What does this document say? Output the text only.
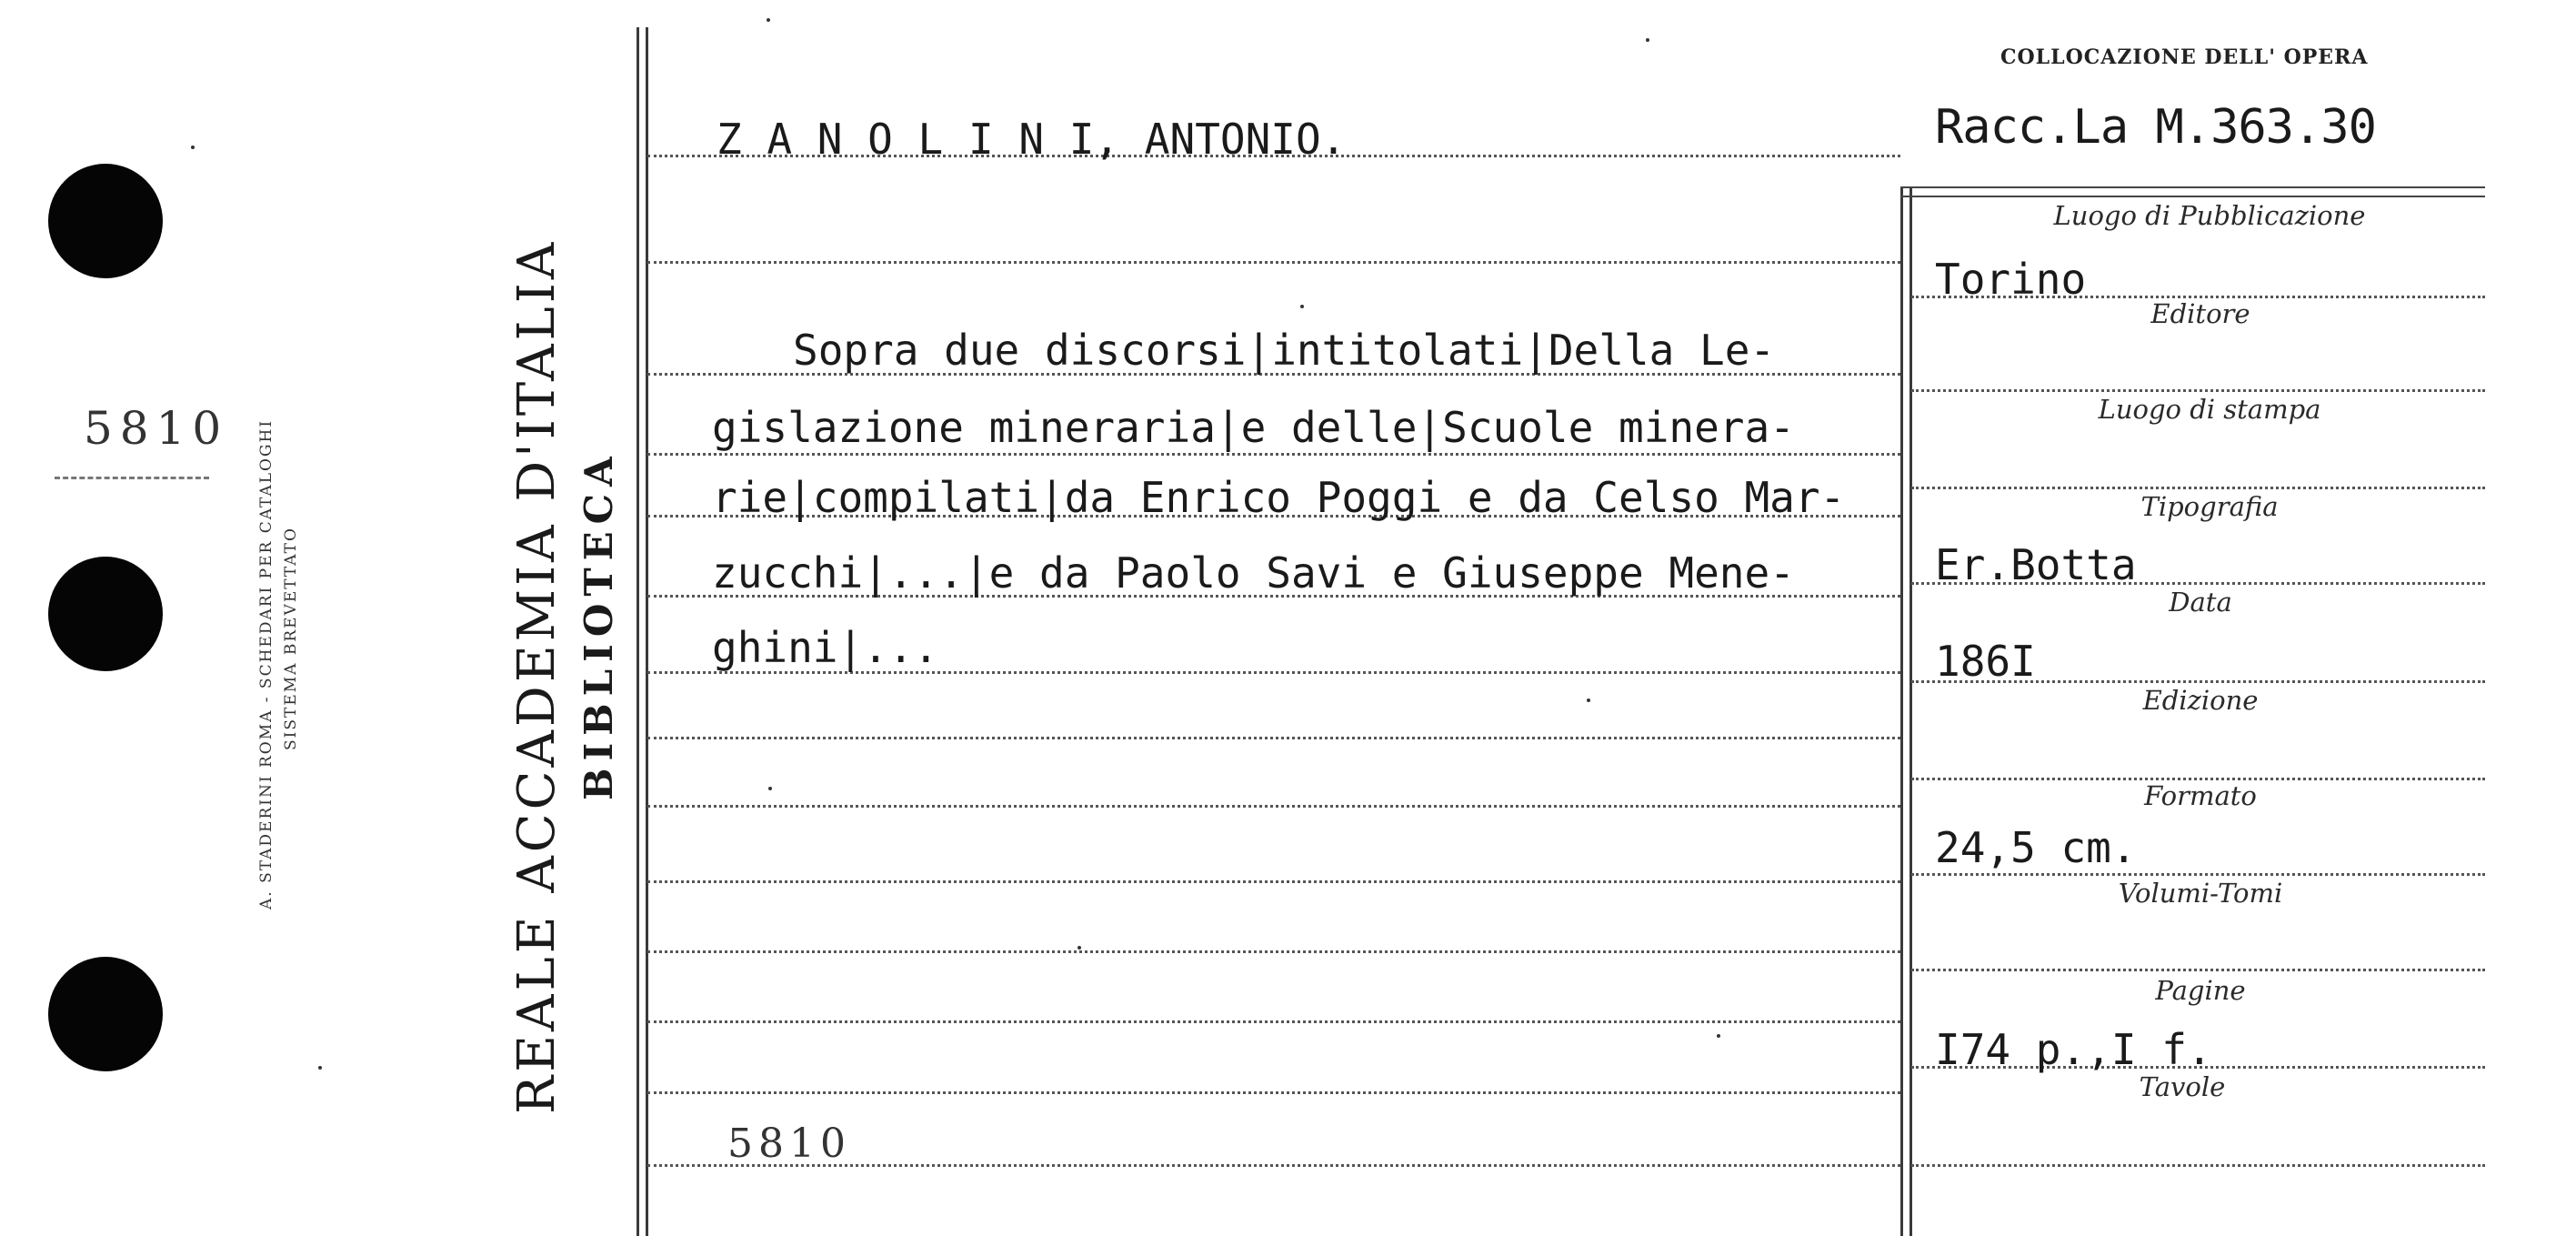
5810 A. STADERINI ROMA - SCHEDARI PER CATALOGHI SISTEMA BREVETTATO	REALE ACCADEMIA D'ITALIA BIBLIOTECA
COLLOCAZIONE DELL' OPERA
Racc.La M.363.30
Z A N O L I N I, ANTONIO.
Sopra due discorsi|intitolati|Della Le-
gislazione mineraria|e delle|Scuole minera-
rie|compilati|da Enrico Poggi e da Celso Mar-
zucchi|...|e da Paolo Savi e Giuseppe Mene-
ghini|...
5810
Luogo di Pubblicazione
Editore
Luogo di stampa
Tipografia
Data
Edizione
Formato
Volumi-Tomi
Pagine
Tavole
Torino
Er.Botta
186I
24,5 cm.
I74 p.,I f.
